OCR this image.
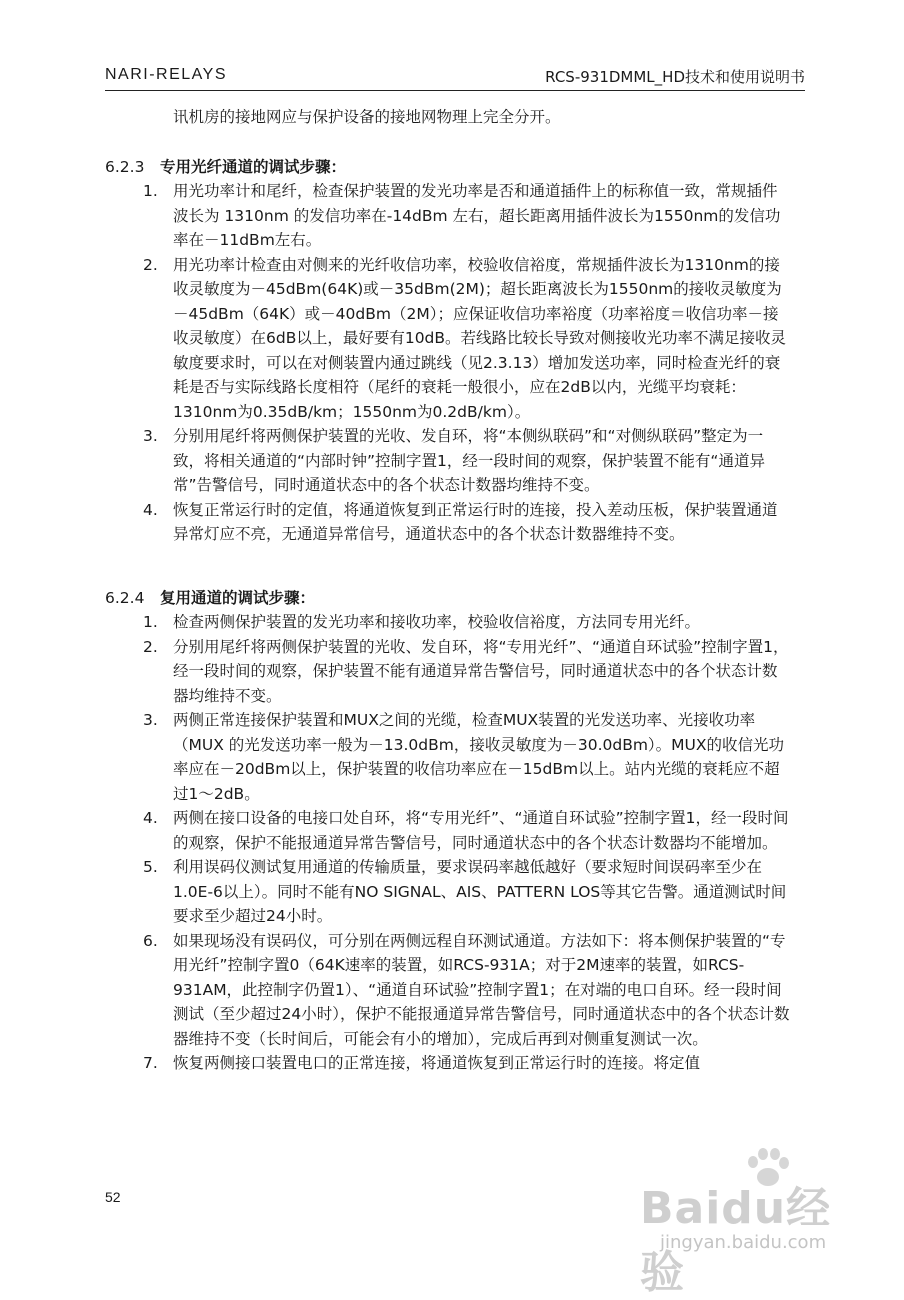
NARI-RELAYS	RCS-931DMML_HD技术和使用说明书
讯机房的接地网应与保护设备的接地网物理上完全分开。
6.2.3 专用光纤通道的调试步骤：
1. 用光功率计和尾纤，检查保护装置的发光功率是否和通道插件上的标称值一致，常规插件波长为 1310nm 的发信功率在-14dBm 左右，超长距离用插件波长为1550nm的发信功率在－11dBm左右。
2. 用光功率计检查由对侧来的光纤收信功率，校验收信裕度，常规插件波长为1310nm的接收灵敏度为－45dBm(64K)或－35dBm(2M)；超长距离波长为1550nm的接收灵敏度为－45dBm（64K）或－40dBm（2M）；应保证收信功率裕度（功率裕度＝收信功率－接收灵敏度）在6dB以上，最好要有10dB。若线路比较长导致对侧接收光功率不满足接收灵敏度要求时，可以在对侧装置内通过跳线（见2.3.13）增加发送功率，同时检查光纤的衰耗是否与实际线路长度相符（尾纤的衰耗一般很小，应在2dB以内，光缆平均衰耗：1310nm为0.35dB/km；1550nm为0.2dB/km）。
3. 分别用尾纤将两侧保护装置的光收、发自环，将“本侧纵联码”和“对侧纵联码”整定为一致，将相关通道的“内部时钟”控制字置1，经一段时间的观察，保护装置不能有“通道异常”告警信号，同时通道状态中的各个状态计数器均维持不变。
4. 恢复正常运行时的定值，将通道恢复到正常运行时的连接，投入差动压板，保护装置通道异常灯应不亮，无通道异常信号，通道状态中的各个状态计数器维持不变。
6.2.4 复用通道的调试步骤：
1. 检查两侧保护装置的发光功率和接收功率，校验收信裕度，方法同专用光纤。
2. 分别用尾纤将两侧保护装置的光收、发自环，将“专用光纤”、“通道自环试验”控制字置1，经一段时间的观察，保护装置不能有通道异常告警信号，同时通道状态中的各个状态计数器均维持不变。
3. 两侧正常连接保护装置和MUX之间的光缆，检查MUX装置的光发送功率、光接收功率（MUX 的光发送功率一般为－13.0dBm，接收灵敏度为－30.0dBm）。MUX的收信光功率应在－20dBm以上，保护装置的收信功率应在－15dBm以上。站内光缆的衰耗应不超过1～2dB。
4. 两侧在接口设备的电接口处自环，将“专用光纤”、“通道自环试验”控制字置1，经一段时间的观察，保护不能报通道异常告警信号，同时通道状态中的各个状态计数器均不能增加。
5. 利用误码仪测试复用通道的传输质量，要求误码率越低越好（要求短时间误码率至少在1.0E-6以上）。同时不能有NO SIGNAL、AIS、PATTERN LOS等其它告警。通道测试时间要求至少超过24小时。
6. 如果现场没有误码仪，可分别在两侧远程自环测试通道。方法如下：将本侧保护装置的“专用光纤”控制字置0（64K速率的装置，如RCS-931A；对于2M速率的装置，如RCS-931AM，此控制字仍置1）、“通道自环试验”控制字置1；在对端的电口自环。经一段时间测试（至少超过24小时），保护不能报通道异常告警信号，同时通道状态中的各个状态计数器维持不变（长时间后，可能会有小的增加），完成后再到对侧重复测试一次。
7. 恢复两侧接口装置电口的正常连接，将通道恢复到正常运行时的连接。将定值
52	Baidu经验
jingyan.baidu.com
